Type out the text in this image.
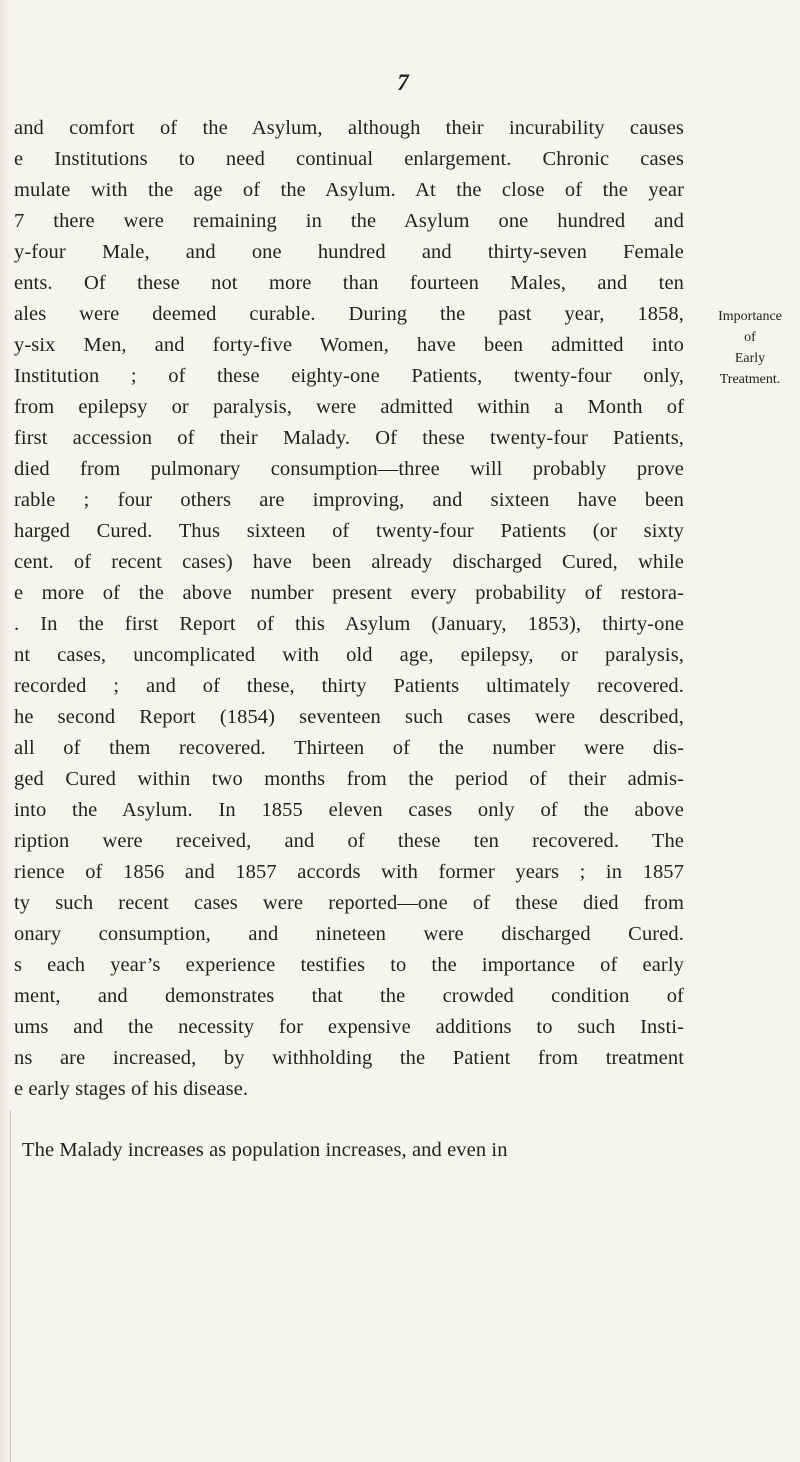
7
and comfort of the Asylum, although their incurability causes
e Institutions to need continual enlargement. Chronic cases
mulate with the age of the Asylum. At the close of the year
7 there were remaining in the Asylum one hundred and
y-four Male, and one hundred and thirty-seven Female
ents. Of these not more than fourteen Males, and ten
ales were deemed curable. During the past year, 1858,
y-six Men, and forty-five Women, have been admitted into
Institution ; of these eighty-one Patients, twenty-four only,
from epilepsy or paralysis, were admitted within a Month of
first accession of their Malady. Of these twenty-four Patients,
died from pulmonary consumption—three will probably prove
rable ; four others are improving, and sixteen have been
harged Cured. Thus sixteen of twenty-four Patients (or sixty
cent. of recent cases) have been already discharged Cured, while
e more of the above number present every probability of restora-
. In the first Report of this Asylum (January, 1853), thirty-one
nt cases, uncomplicated with old age, epilepsy, or paralysis,
recorded ; and of these, thirty Patients ultimately recovered.
he second Report (1854) seventeen such cases were described,
all of them recovered. Thirteen of the number were dis-
ged Cured within two months from the period of their admis-
into the Asylum. In 1855 eleven cases only of the above
ription were received, and of these ten recovered. The
rience of 1856 and 1857 accords with former years ; in 1857
ty such recent cases were reported—one of these died from
onary consumption, and nineteen were discharged Cured.
s each year’s experience testifies to the importance of early
ment, and demonstrates that the crowded condition of
ums and the necessity for expensive additions to such Insti-
ns are increased, by withholding the Patient from treatment
e early stages of his disease.
The Malady increases as population increases, and even in
Importance
of
Early
Treatment.
